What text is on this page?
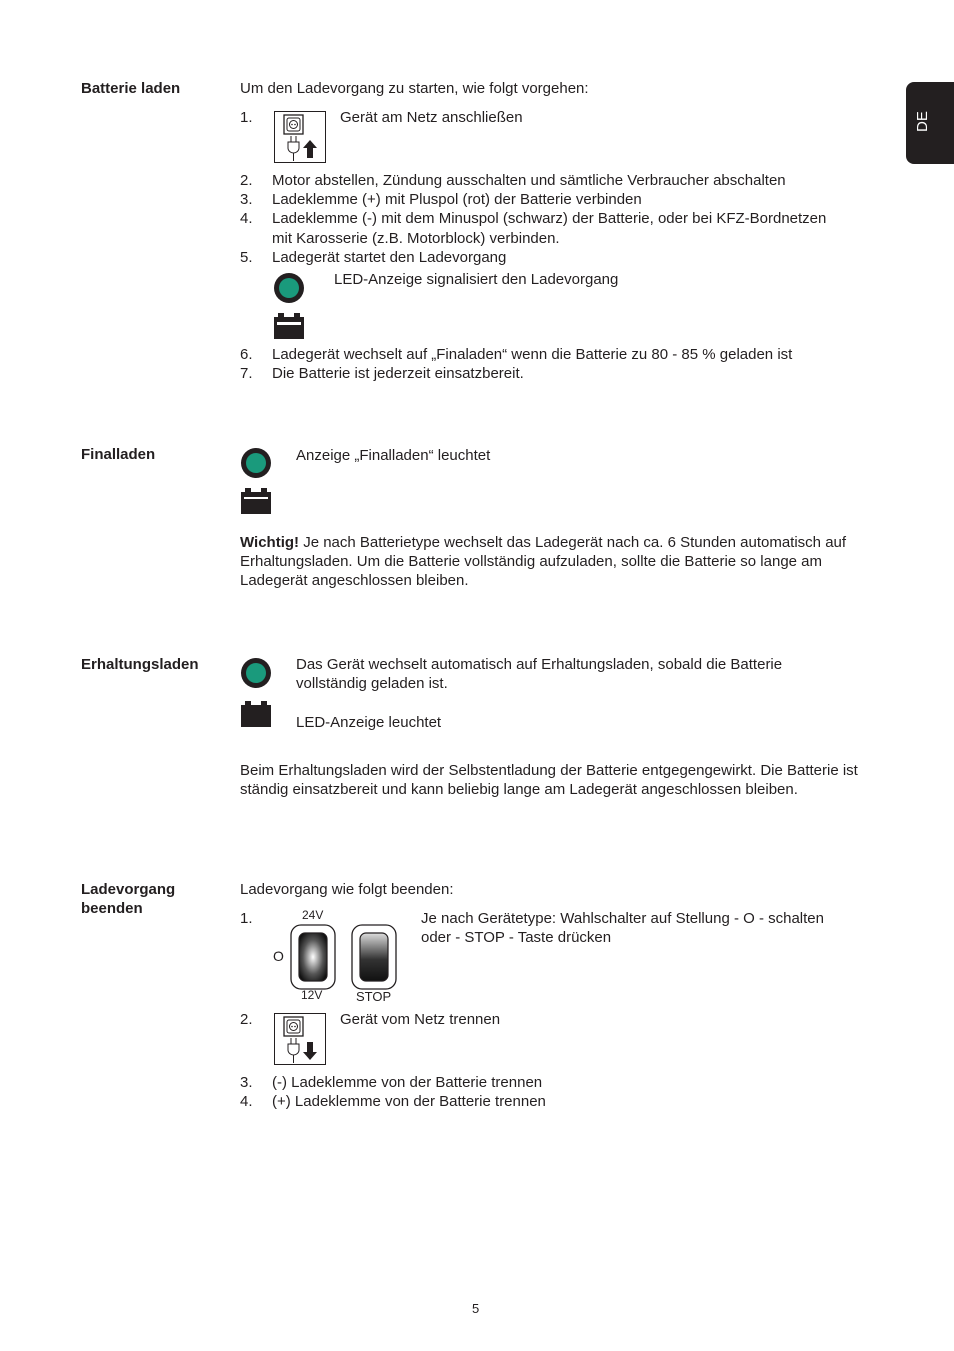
DE
Batterie laden	Um den Ladevorgang zu starten, wie folgt vorgehen:
1.	Gerät am Netz anschließen
2. Motor abstellen, Zündung ausschalten und sämtliche Verbraucher abschalten
3. Ladeklemme (+) mit Pluspol (rot) der Batterie verbinden
4. Ladeklemme (-) mit dem Minuspol (schwarz) der Batterie, oder bei KFZ-Bordnetzen
mit Karosserie (z.B. Motorblock) verbinden.
5. Ladegerät startet den Ladevorgang
LED-Anzeige signalisiert den Ladevorgang
6. Ladegerät wechselt auf „Finaladen“ wenn die Batterie zu 80 - 85 % geladen ist
7. Die Batterie ist jederzeit einsatzbereit.
Finalladen	Anzeige „Finalladen“ leuchtet
Wichtig! Je nach Batterietype wechselt das Ladegerät nach ca. 6 Stunden automatisch auf Erhaltungsladen. Um die Batterie vollständig aufzuladen, sollte die Batterie so lange am Ladegerät angeschlossen bleiben.
Erhaltungsladen	Das Gerät wechselt automatisch auf Erhaltungsladen, sobald die Batterie vollständig geladen ist.
LED-Anzeige leuchtet
Beim Erhaltungsladen wird der Selbstentladung der Batterie entgegengewirkt. Die Batterie ist ständig einsatzbereit und kann beliebig lange am Ladegerät angeschlossen bleiben.
Ladevorgang
beenden
Ladevorgang wie folgt beenden:
1.	24V
O
12V	STOP
Je nach Gerätetype: Wahlschalter auf Stellung - O - schalten
oder - STOP - Taste drücken
2.	Gerät vom Netz trennen
3. (-) Ladeklemme von der Batterie trennen
4. (+) Ladeklemme von der Batterie trennen
5
